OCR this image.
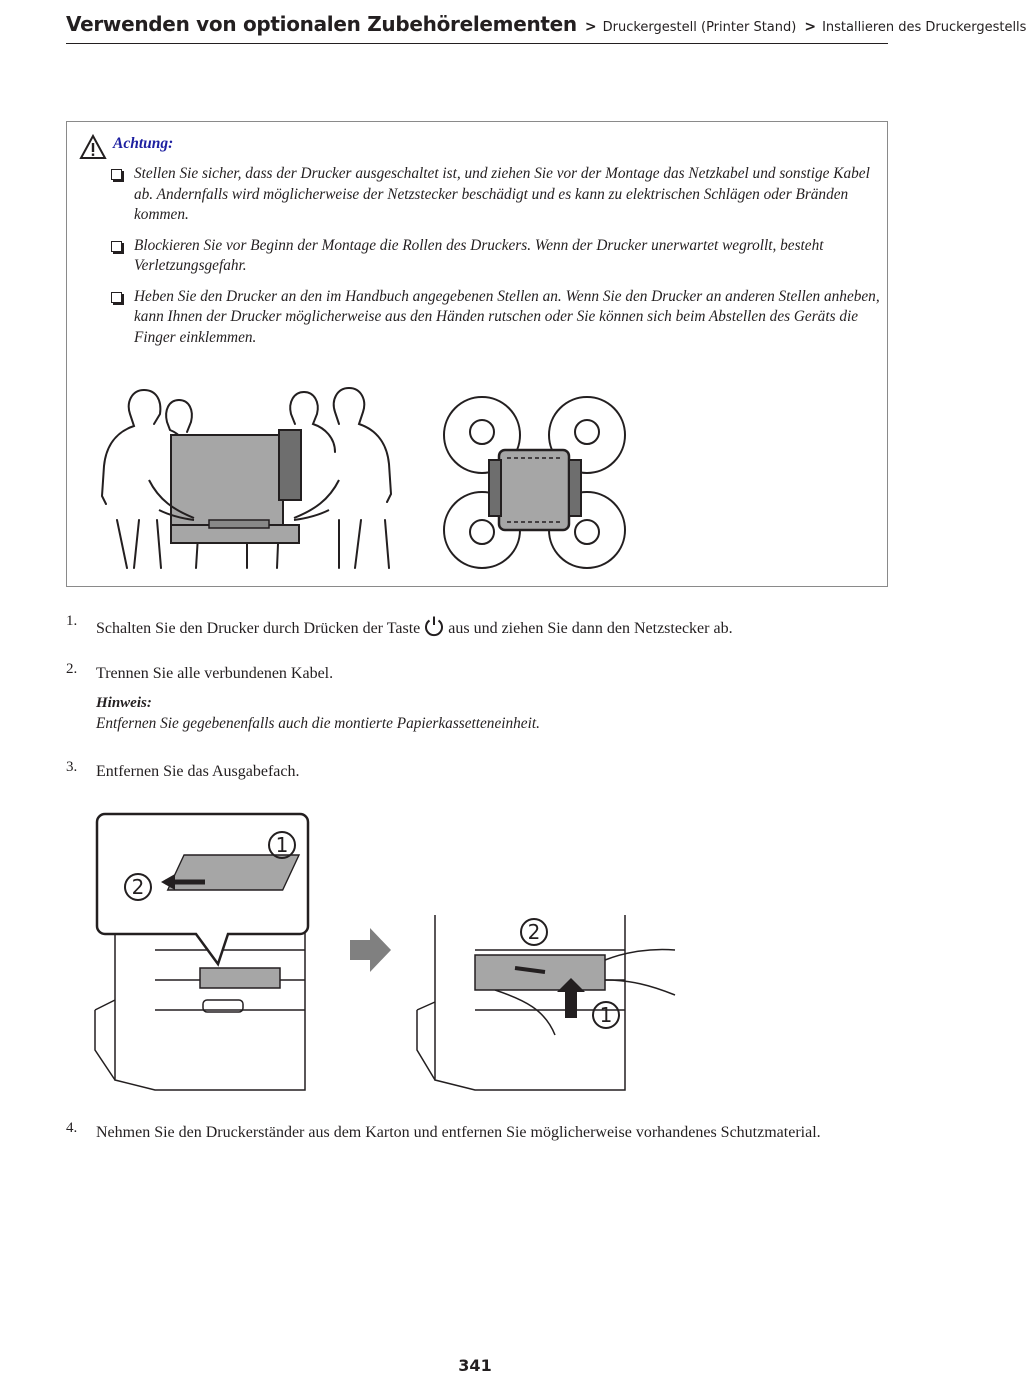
Verwenden von optionalen Zubehörelementen > Druckergestell (Printer Stand) > Installieren des Druckergestells
Achtung:
Stellen Sie sicher, dass der Drucker ausgeschaltet ist, und ziehen Sie vor der Montage das Netzkabel und sonstige Kabel ab. Andernfalls wird möglicherweise der Netzstecker beschädigt und es kann zu elektrischen Schlägen oder Bränden kommen.
Blockieren Sie vor Beginn der Montage die Rollen des Druckers. Wenn der Drucker unerwartet wegrollt, besteht Verletzungsgefahr.
Heben Sie den Drucker an den im Handbuch angegebenen Stellen an. Wenn Sie den Drucker an anderen Stellen anheben, kann Ihnen der Drucker möglicherweise aus den Händen rutschen oder Sie können sich beim Abstellen des Geräts die Finger einklemmen.
1. Schalten Sie den Drucker durch Drücken der Taste aus und ziehen Sie dann den Netzstecker ab.
2. Trennen Sie alle verbundenen Kabel.
Hinweis:
Entfernen Sie gegebenenfalls auch die montierte Papierkassetteneinheit.
3. Entfernen Sie das Ausgabefach.
1
2
2
1
4. Nehmen Sie den Druckerständer aus dem Karton und entfernen Sie möglicherweise vorhandenes Schutzmaterial.
341
